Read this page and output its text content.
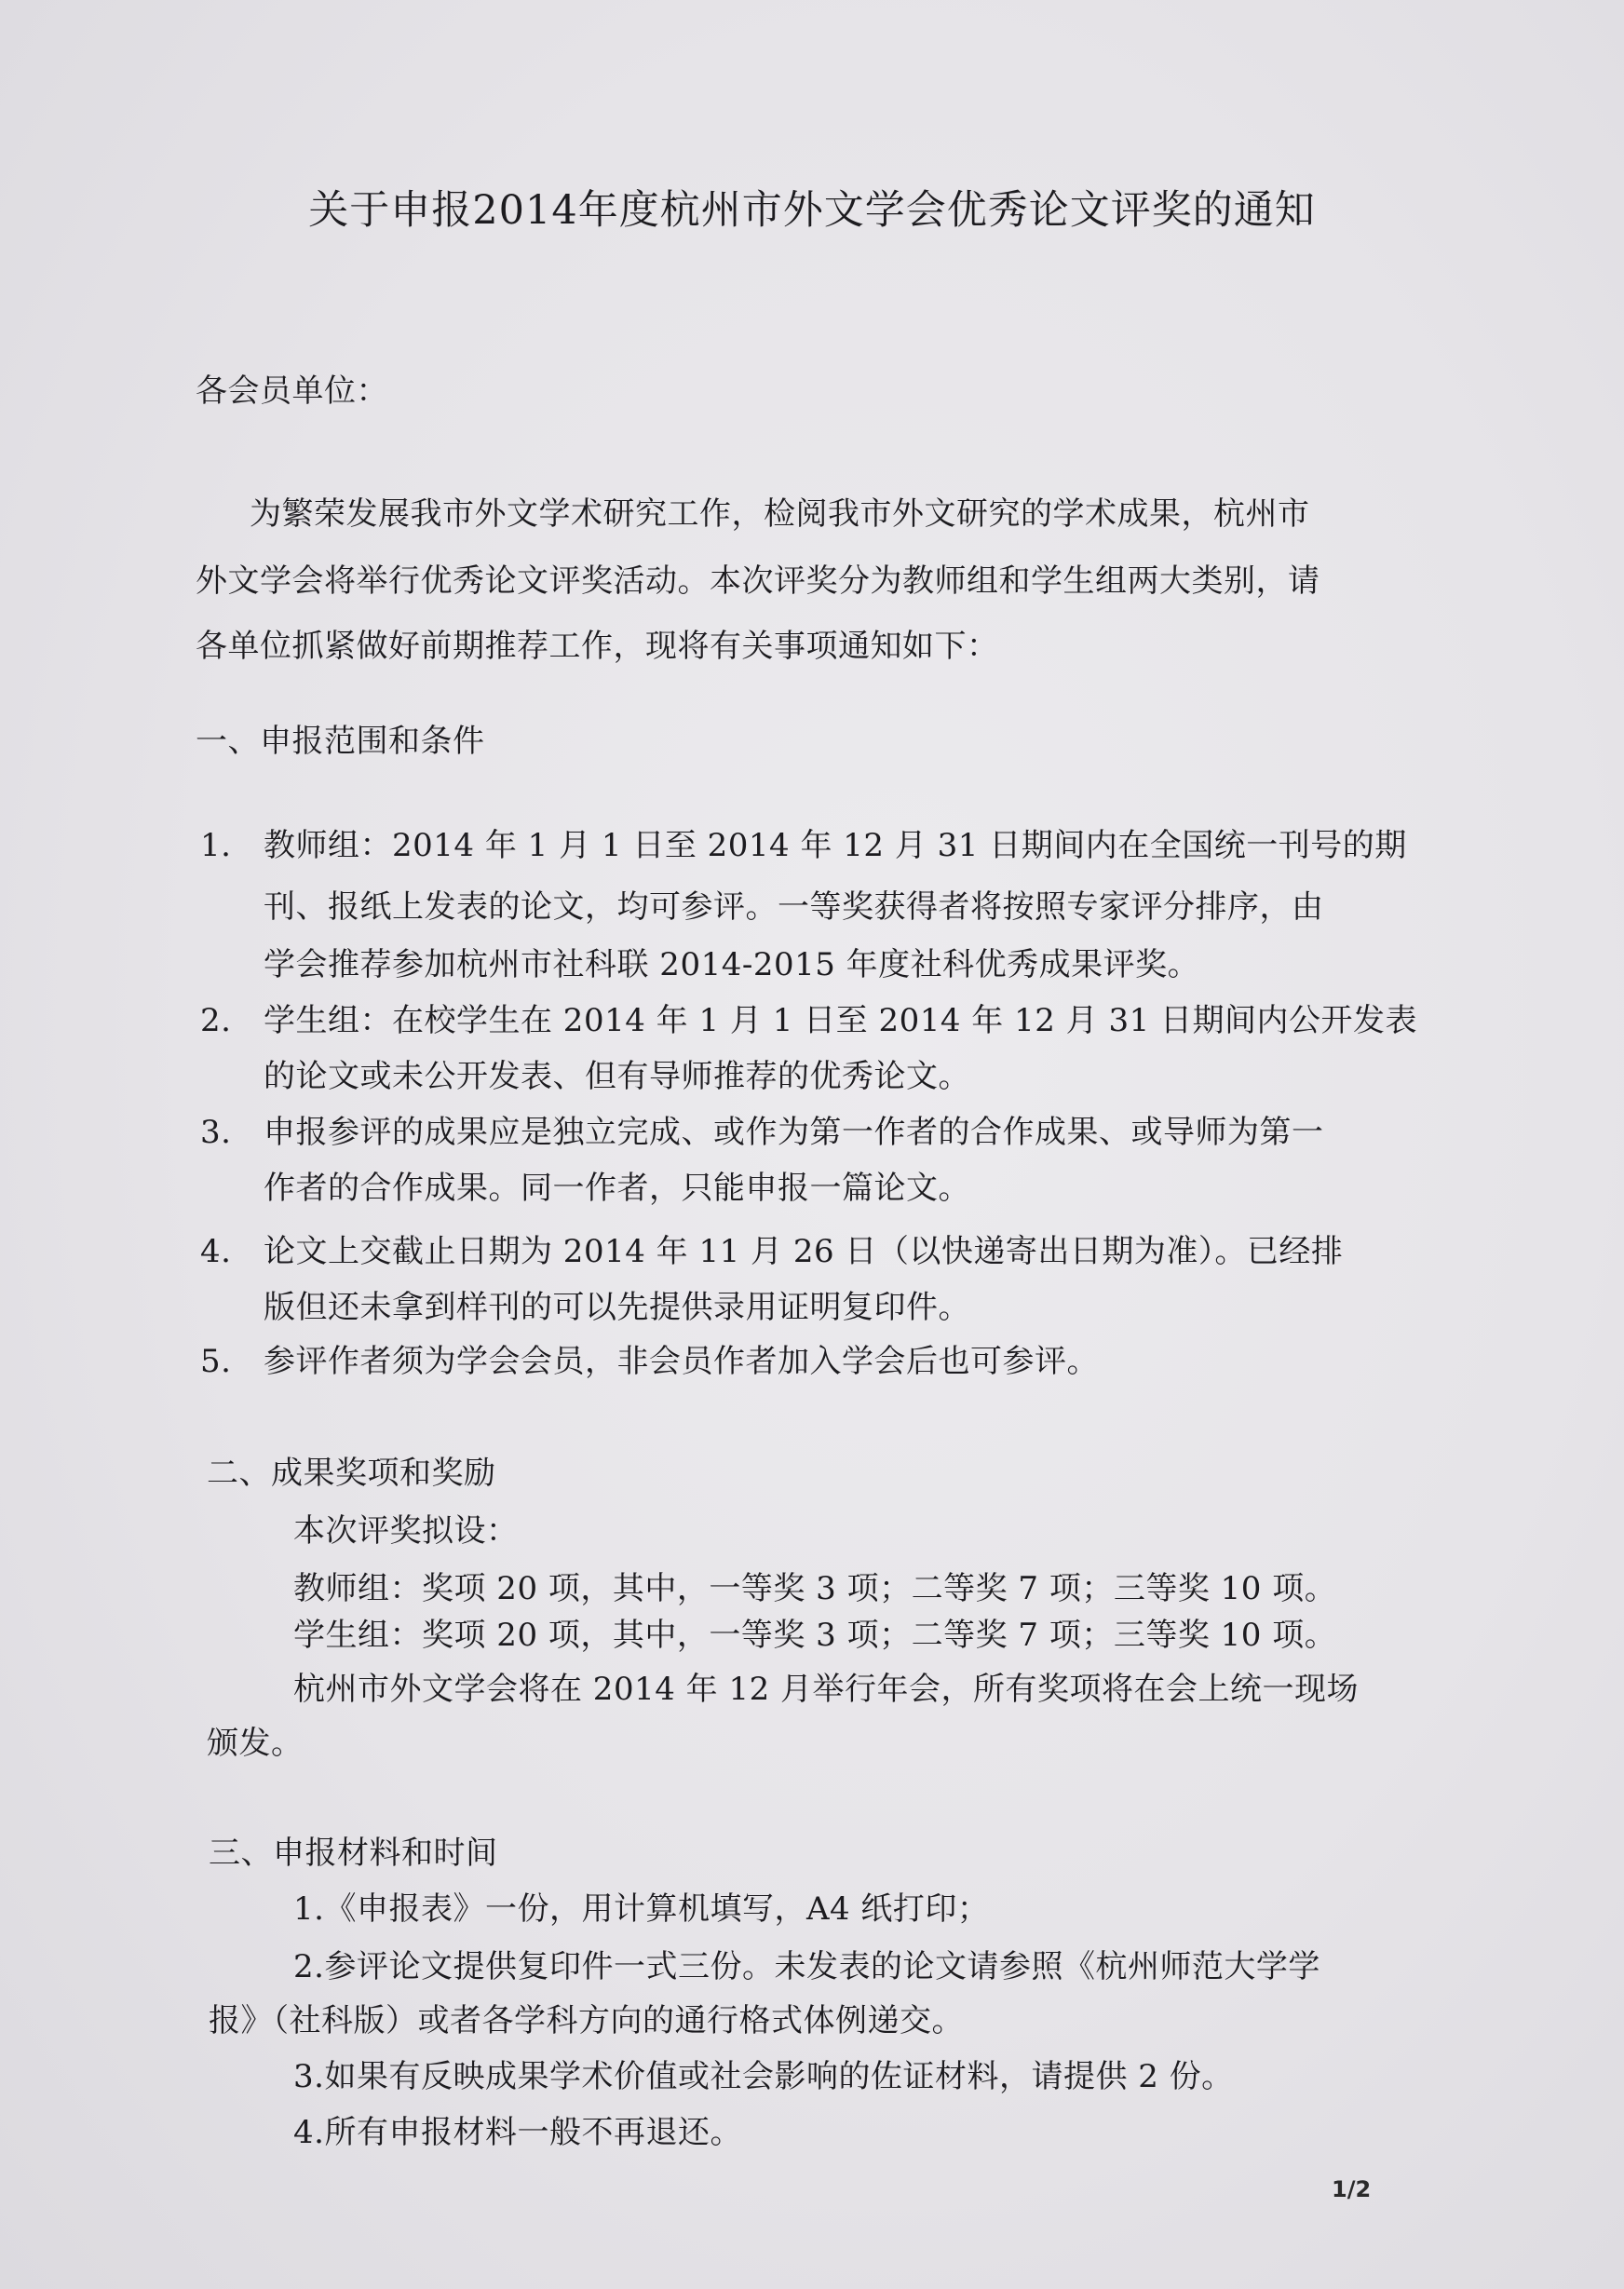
关于申报2014年度杭州市外文学会优秀论文评奖的通知
各会员单位：
为繁荣发展我市外文学术研究工作，检阅我市外文研究的学术成果，杭州市
外文学会将举行优秀论文评奖活动。本次评奖分为教师组和学生组两大类别，请
各单位抓紧做好前期推荐工作，现将有关事项通知如下：
一、申报范围和条件
1. 教师组：2014 年 1 月 1 日至 2014 年 12 月 31 日期间内在全国统一刊号的期
刊、报纸上发表的论文，均可参评。一等奖获得者将按照专家评分排序，由
学会推荐参加杭州市社科联 2014-2015 年度社科优秀成果评奖。
2. 学生组：在校学生在 2014 年 1 月 1 日至 2014 年 12 月 31 日期间内公开发表
的论文或未公开发表、但有导师推荐的优秀论文。
3. 申报参评的成果应是独立完成、或作为第一作者的合作成果、或导师为第一
作者的合作成果。同一作者，只能申报一篇论文。
4. 论文上交截止日期为 2014 年 11 月 26 日（以快递寄出日期为准）。已经排
版但还未拿到样刊的可以先提供录用证明复印件。
5. 参评作者须为学会会员，非会员作者加入学会后也可参评。
二、成果奖项和奖励
本次评奖拟设：
教师组：奖项 20 项，其中，一等奖 3 项；二等奖 7 项；三等奖 10 项。
学生组：奖项 20 项，其中，一等奖 3 项；二等奖 7 项；三等奖 10 项。
杭州市外文学会将在 2014 年 12 月举行年会，所有奖项将在会上统一现场
颁发。
三、申报材料和时间
1.《申报表》一份，用计算机填写，A4 纸打印；
2.参评论文提供复印件一式三份。未发表的论文请参照《杭州师范大学学
报》（社科版）或者各学科方向的通行格式体例递交。
3.如果有反映成果学术价值或社会影响的佐证材料，请提供 2 份。
4.所有申报材料一般不再退还。
1/2
